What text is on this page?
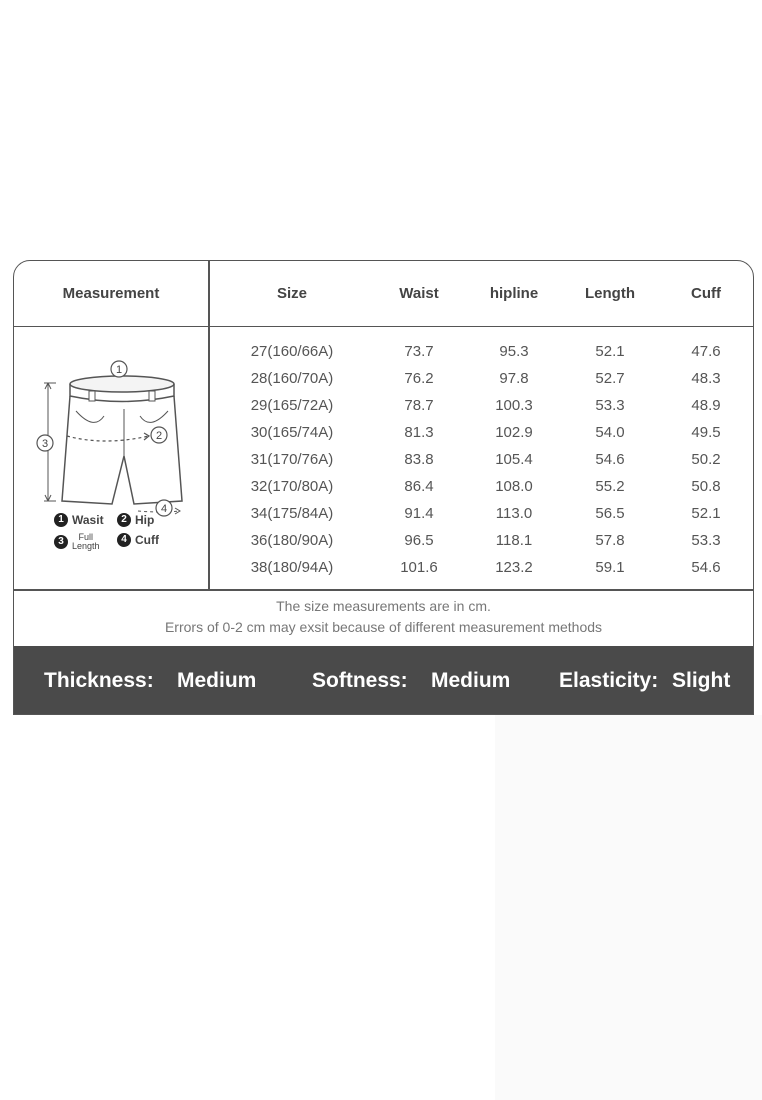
Measurement	Size	Waist	hipline	Length	Cuff
1
2
3
4
1 Wasit	2 Hip
3	Full
Length
4 Cuff
27(160/66A)	73.7	95.3	52.1	47.6
28(160/70A)	76.2	97.8	52.7	48.3
29(165/72A)	78.7	100.3	53.3	48.9
30(165/74A)	81.3	102.9	54.0	49.5
31(170/76A)	83.8	105.4	54.6	50.2
32(170/80A)	86.4	108.0	55.2	50.8
34(175/84A)	91.4	113.0	56.5	52.1
36(180/90A)	96.5	118.1	57.8	53.3
38(180/94A)	101.6	123.2	59.1	54.6
The size measurements are in cm.
Errors of 0-2 cm may exsit because of different measurement methods
Thickness: Medium	Softness: Medium Elasticity: Slight
